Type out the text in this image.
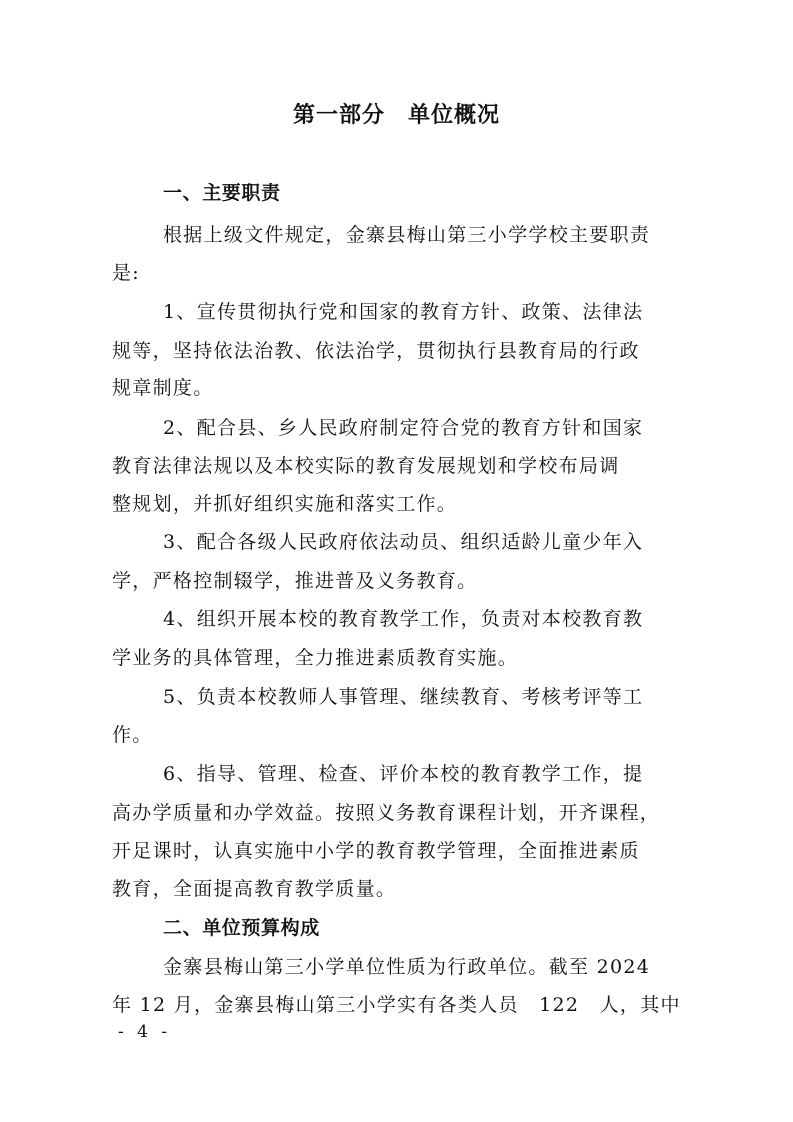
第一部分　单位概况
一、主要职责
根据上级文件规定，金寨县梅山第三小学学校主要职责
是:
1、宣传贯彻执行党和国家的教育方针、政策、法律法
规等，坚持依法治教、依法治学，贯彻执行县教育局的行政
规章制度。
2、配合县、乡人民政府制定符合党的教育方针和国家
教育法律法规以及本校实际的教育发展规划和学校布局调
整规划，并抓好组织实施和落实工作。
3、配合各级人民政府依法动员、组织适龄儿童少年入
学，严格控制辍学，推进普及义务教育。
4、组织开展本校的教育教学工作，负责对本校教育教
学业务的具体管理，全力推进素质教育实施。
5、负责本校教师人事管理、继续教育、考核考评等工
作。
6、指导、管理、检查、评价本校的教育教学工作，提
高办学质量和办学效益。按照义务教育课程计划，开齐课程，
开足课时，认真实施中小学的教育教学管理，全面推进素质
教育，全面提高教育教学质量。
二、单位预算构成
金寨县梅山第三小学单位性质为行政单位。截至 2024
年 12 月，金寨县梅山第三小学实有各类人员　122　人，其中
- 4 -
